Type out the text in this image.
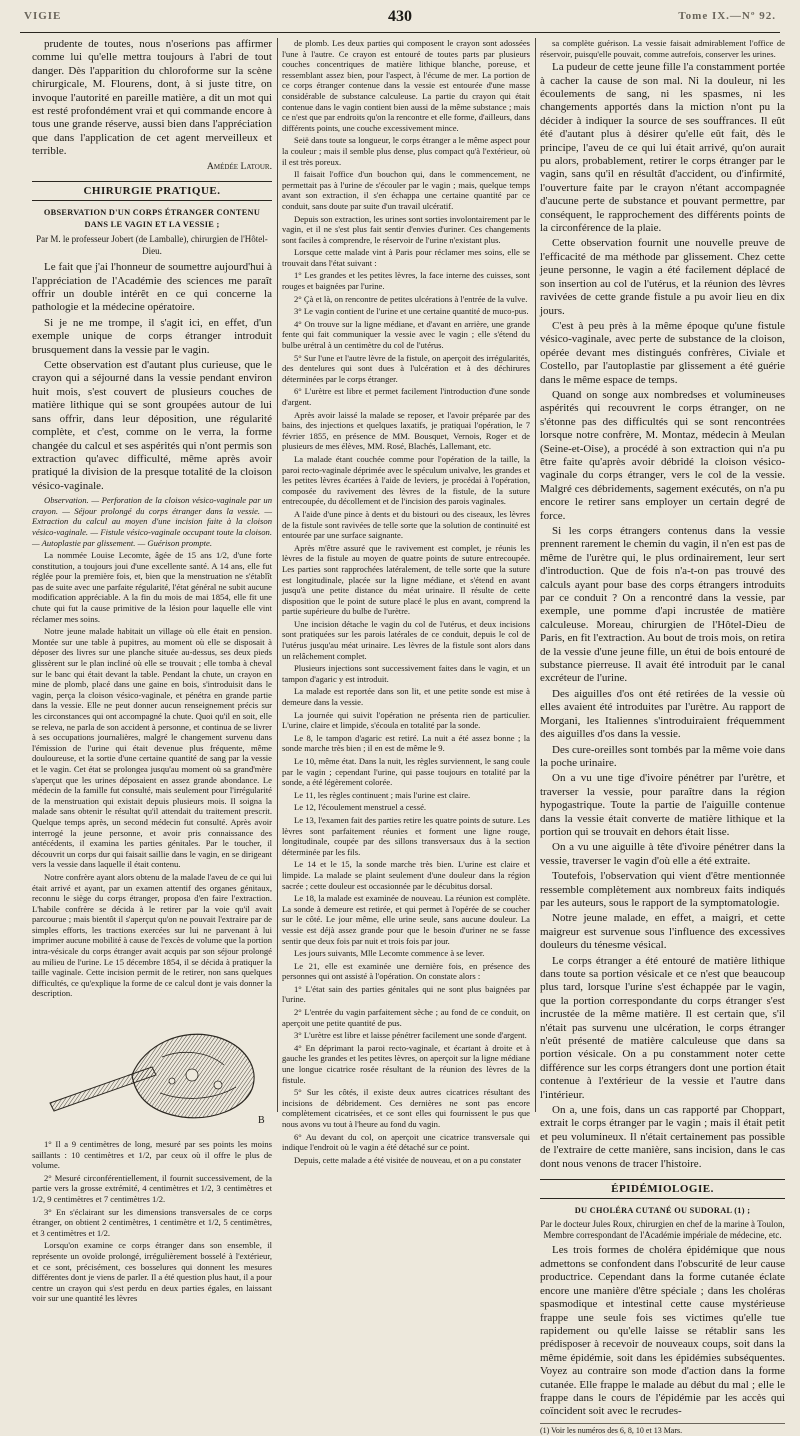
VIGIE	430	Tome IX.—Nº 92.

prudente de toutes, nous n'oserions pas affirmer comme lui qu'elle mettra toujours à l'abri de tout danger. Dès l'apparition du chloroforme sur la scène chirurgicale, M. Flourens, dont, à si juste titre, on invoque l'autorité en pareille matière, a dit un mot qui est resté profondément vrai et qui commande encore à tous une grande réserve, aussi bien dans l'appréciation que dans l'application de cet agent merveilleux et terrible.

Amédée Latour.

CHIRURGIE PRATIQUE.
OBSERVATION D'UN CORPS ÉTRANGER CONTENU DANS LE VAGIN ET LA VESSIE ;

Par M. le professeur Jobert (de Lamballe), chirurgien de l'Hôtel-Dieu.

Le fait que j'ai l'honneur de soumettre aujourd'hui à l'appréciation de l'Académie des sciences me paraît offrir un double intérêt en ce qui concerne la pathologie et la médecine opératoire.

Si je ne me trompe, il s'agit ici, en effet, d'un exemple unique de corps étranger introduit brusquement dans la vessie par le vagin.

Cette observation est d'autant plus curieuse, que le crayon qui a séjourné dans la vessie pendant environ huit mois, s'est couvert de plusieurs couches de matière lithique qui se sont groupées autour de lui sans offrir, dans leur déposition, une régularité complète, et c'est, comme on le verra, la forme changée du calcul et ses aspérités qui n'ont permis son extraction qu'avec difficulté, même après avoir pratiqué la division de la presque totalité de la cloison vésico-vaginale.

Observation. — Perforation de la cloison vésico-vaginale par un crayon. — Séjour prolongé du corps étranger dans la vessie. — Extraction du calcul au moyen d'une incision faite à la cloison vésico-vaginale. — Fistule vésico-vaginale occupant toute la cloison. — Autoplastie par glissement. — Guérison prompte.

La nommée Louise Lecomte, âgée de 15 ans 1/2, d'une forte constitution, a toujours joui d'une excellente santé. A 14 ans, elle fut réglée pour la première fois, et, bien que la menstruation ne s'établît pas de suite avec une parfaite régularité, l'état général ne subit aucune modification appréciable. A la fin du mois de mai 1854, elle fit une chute qui fut la cause primitive de la lésion pour laquelle elle vint réclamer mes soins.

Notre jeune malade habitait un village où elle était en pension. Montée sur une table à pupitres, au moment où elle se disposait à déposer des livres sur une planche située au-dessus, ses deux pieds glissèrent sur le plan incliné où elle se trouvait ; elle tomba à cheval sur le banc qui était devant la table. Pendant la chute, un crayon en mine de plomb, placé dans une gaine en bois, s'introduisit dans le vagin, perça la cloison vésico-vaginale, et pénétra en grande partie dans la vessie. Elle ne peut donner aucun renseignement précis sur les circonstances qui ont accompagné la chute. Quoi qu'il en soit, elle se releva, ne parla de son accident à personne, et continua de se livrer à ses occupations journalières, malgré le changement survenu dans l'émission de l'urine qui était devenue plus fréquente, même douloureuse, et la sortie d'une certaine quantité de sang par la vessie et le vagin. Cet état se prolongea jusqu'au moment où sa grand'mère s'aperçut que les urines déposaient en assez grande abondance. Le médecin de la famille fut consulté, mais seulement pour l'irrégularité de la menstruation qui existait depuis plusieurs mois. Il soigna la malade sans obtenir le résultat qu'il attendait du traitement prescrit. Quelque temps après, un second médecin fut consulté. Après avoir interrogé la jeune personne, et avoir pris connaissance des antécédents, il examina les parties génitales. Par le toucher, il découvrit un corps dur qui faisait saillie dans le vagin, en se dirigeant vers la vessie dans laquelle il était contenu.

Notre confrère ayant alors obtenu de la malade l'aveu de ce qui lui était arrivé et ayant, par un examen attentif des organes génitaux, reconnu le siège du corps étranger, proposa d'en faire l'extraction. L'habile confrère se décida à le retirer par la voie qu'il avait parcourue ; mais bientôt il s'aperçut qu'on ne pouvait l'extraire par de simples efforts, les tractions exercées sur lui ne parvenant à lui imprimer aucune mobilité à cause de l'excès de volume que la portion intra-vésicale du corps étranger avait acquis par son séjour prolongé au milieu de l'urine. Le 15 décembre 1854, il se décida à pratiquer la taille vaginale. Cette incision permit de le retirer, non sans quelques difficultés, ce qu'explique la forme de ce calcul dont je vais donner la description.

B

1° Il a 9 centimètres de long, mesuré par ses points les moins saillants : 10 centimètres et 1/2, par ceux où il offre le plus de volume.

2° Mesuré circonférentiellement, il fournit successivement, de la partie vers la grosse extrémité, 4 centimètres et 1/2, 3 centimètres et 1/2, 9 centimètres et 7 centimètres 1/2.

3° En s'éclairant sur les dimensions transversales de ce corps étranger, on obtient 2 centimètres, 1 centimètre et 1/2, 5 centimètres, et 3 centimètres et 1/2.

Lorsqu'on examine ce corps étranger dans son ensemble, il représente un ovoïde prolongé, irrégulièrement bosselé à l'extérieur, et ce sont, précisément, ces bosselures qui donnent les mesures différentes dont je viens de parler. Il a été question plus haut, il a pour centre un crayon qui s'est perdu en deux parties égales, en laissant voir sur une quantité les lèvres

de plomb. Les deux parties qui composent le crayon sont adossées l'une à l'autre. Ce crayon est entouré de toutes parts par plusieurs couches concentriques de matière lithique blanche, poreuse, et ressemblant assez bien, pour l'aspect, à l'écume de mer. La portion de ce corps étranger contenue dans la vessie est entourée d'une masse considérable de substance calculeuse. La partie du crayon qui était contenue dans le vagin contient bien aussi de la même substance ; mais ce n'est que par endroits qu'on la rencontre et elle forme, d'ailleurs, dans différents points, une couche excessivement mince.

Seië dans toute sa longueur, le corps étranger a le même aspect pour la couleur ; mais il semble plus dense, plus compact qu'à l'extérieur, où il est très poreux.

Il faisait l'office d'un bouchon qui, dans le commencement, ne permettait pas à l'urine de s'écouler par le vagin ; mais, quelque temps avant son extraction, il s'en échappa une certaine quantité par ce conduit, sans doute par suite d'un travail ulcératif.

Depuis son extraction, les urines sont sorties involontairement par le vagin, et il ne s'est plus fait sentir d'envies d'uriner. Ces changements sont faciles à comprendre, le réservoir de l'urine n'existant plus.

Lorsque cette malade vint à Paris pour réclamer mes soins, elle se trouvait dans l'état suivant :

1° Les grandes et les petites lèvres, la face interne des cuisses, sont rouges et baignées par l'urine.

2° Çà et là, on rencontre de petites ulcérations à l'entrée de la vulve.

3° Le vagin contient de l'urine et une certaine quantité de muco-pus.

4° On trouve sur la ligne médiane, et d'avant en arrière, une grande fente qui fait communiquer la vessie avec le vagin ; elle s'étend du bulbe urétral à un centimètre du col de l'utérus.

5° Sur l'une et l'autre lèvre de la fistule, on aperçoit des irrégularités, des dentelures qui sont dues à l'ulcération et à des déchirures déterminées par le corps étranger.

6° L'urètre est libre et permet facilement l'introduction d'une sonde d'argent.

Après avoir laissé la malade se reposer, et l'avoir préparée par des bains, des injections et quelques laxatifs, je pratiquai l'opération, le 7 février 1855, en présence de MM. Bousquet, Vernois, Roger et de plusieurs de mes élèves, MM. Rosé, Blachés, Lallemant, etc.

La malade étant couchée comme pour l'opération de la taille, la paroi recto-vaginale déprimée avec le spéculum univalve, les grandes et les petites lèvres écartées à l'aide de leviers, je procédai à l'opération, composée du ravivement des lèvres de la fistule, de la suture entrecoupée, du décollement et de l'incision des parois vaginales.

A l'aide d'une pince à dents et du bistouri ou des ciseaux, les lèvres de la fistule sont ravivées de telle sorte que la solution de continuité est entourée par une surface saignante.

Après m'être assuré que le ravivement est complet, je réunis les lèvres de la fistule au moyen de quatre points de suture entrecoupée. Les parties sont rapprochées latéralement, de telle sorte que la suture est longitudinale, placée sur la ligne médiane, et s'étend en avant jusqu'à une petite distance du méat urinaire. Il résulte de cette disposition que le point de suture placé le plus en avant, comprend la partie supérieure du bulbe de l'urètre.

Une incision détache le vagin du col de l'utérus, et deux incisions sont pratiquées sur les parois latérales de ce conduit, depuis le col de l'utérus jusqu'au méat urinaire. Les lèvres de la fistule sont alors dans un relâchement complet.

Plusieurs injections sont successivement faites dans le vagin, et un tampon d'agaric y est introduit.

La malade est reportée dans son lit, et une petite sonde est mise à demeure dans la vessie.

La journée qui suivit l'opération ne présenta rien de particulier. L'urine, claire et limpide, s'écoula en totalité par la sonde.

Le 8, le tampon d'agaric est retiré. La nuit a été assez bonne ; la sonde marche très bien ; il en est de même le 9.

Le 10, même état. Dans la nuit, les règles surviennent, le sang coule par le vagin ; cependant l'urine, qui passe toujours en totalité par la sonde, a été légèrement colorée.

Le 11, les règles continuent ; mais l'urine est claire.

Le 12, l'écoulement menstruel a cessé.

Le 13, l'examen fait des parties retire les quatre points de suture. Les lèvres sont parfaitement réunies et forment une ligne rouge, longitudinale, coupée par des sillons transversaux dus à la section déterminée par les fils.

Le 14 et le 15, la sonde marche très bien. L'urine est claire et limpide. La malade se plaint seulement d'une douleur dans la région sacrée ; cette douleur est occasionnée par le décubitus dorsal.

Le 18, la malade est examinée de nouveau. La réunion est complète. La sonde à demeure est retirée, et qui permet à l'opérée de se coucher sur le côté. Le jour même, elle urine seule, sans aucune douleur. La vessie est déjà assez grande pour que le besoin d'uriner ne se fasse sentir que deux fois par nuit et trois fois par jour.

Les jours suivants, Mlle Lecomte commence à se lever.

Le 21, elle est examinée une dernière fois, en présence des personnes qui ont assisté à l'opération. On constate alors :

1° L'état sain des parties génitales qui ne sont plus baignées par l'urine.

2° L'entrée du vagin parfaitement sèche ; au fond de ce conduit, on aperçoit une petite quantité de pus.

3° L'urètre est libre et laisse pénétrer facilement une sonde d'argent.

4° En déprimant la paroi recto-vaginale, et écartant à droite et à gauche les grandes et les petites lèvres, on aperçoit sur la ligne médiane une longue cicatrice rosée résultant de la réunion des lèvres de la fistule.

5° Sur les côtés, il existe deux autres cicatrices résultant des incisions de débridement. Ces dernières ne sont pas encore complètement cicatrisées, et ce sont elles qui fournissent le pus que nous avons vu tout à l'heure au fond du vagin.

6° Au devant du col, on aperçoit une cicatrice transversale qui indique l'endroit où le vagin a été détaché sur ce point.

Depuis, cette malade a été visitée de nouveau, et on a pu constater

sa complète guérison. La vessie faisait admirablement l'office de réservoir, puisqu'elle pouvait, comme autrefois, conserver les urines.

La pudeur de cette jeune fille l'a constamment portée à cacher la cause de son mal. Ni la douleur, ni les écoulements de sang, ni les spasmes, ni les changements apportés dans la miction n'ont pu la décider à indiquer la source de ses souffrances. Il eût été d'autant plus à désirer qu'elle eût fait, dès le principe, l'aveu de ce qui lui était arrivé, qu'on aurait pu alors, probablement, retirer le corps étranger par le vagin, sans qu'il en résultât d'accident, ou d'infirmité, l'ouverture faite par le crayon n'étant accompagnée d'aucune perte de substance et pouvant permettre, par conséquent, le rapprochement des différents points de la circonférence de la plaie.

Cette observation fournit une nouvelle preuve de l'efficacité de ma méthode par glissement. Chez cette jeune personne, le vagin a été facilement déplacé de son insertion au col de l'utérus, et la réunion des lèvres ravivées de cette grande fistule a pu avoir lieu en dix jours.

C'est à peu près à la même époque qu'une fistule vésico-vaginale, avec perte de substance de la cloison, opérée devant mes distingués confrères, Civiale et Costello, par l'autoplastie par glissement a été guérie dans le même espace de temps.

Quand on songe aux nombredses et volumineuses aspérités qui recouvrent le corps étranger, on ne s'étonne pas des difficultés qui se sont rencontrées lorsque notre confrère, M. Montaz, médecin à Meulan (Seine-et-Oise), a procédé à son extraction qui n'a pu être faite qu'après avoir débridé la cloison vésico-vaginale du corps étranger, vers le col de la vessie. Malgré ces débridements, sagement exécutés, on n'a pu encore le retirer sans employer un certain degré de force.

Si les corps étrangers contenus dans la vessie prennent rarement le chemin du vagin, il n'en est pas de même de l'urètre qui, le plus ordinairement, leur sert d'introduction. Que de fois n'a-t-on pas trouvé des calculs ayant pour base des corps étrangers introduits par ce conduit ? On a rencontré dans la vessie, par exemple, une pomme d'api incrustée de matière calculeuse. Moreau, chirurgien de l'Hôtel-Dieu de Paris, en fit l'extraction. Au bout de trois mois, on retira de la vessie d'une jeune fille, un étui de bois entouré de substance pierreuse. Il avait été introduit par le canal excréteur de l'urine.

Des aiguilles d'os ont été retirées de la vessie où elles avaient été introduites par l'urètre. Au rapport de Morgani, les Italiennes s'introduiraient fréquemment des aiguilles d'os dans la vessie.

Des cure-oreilles sont tombés par la même voie dans la poche urinaire.

On a vu une tige d'ivoire pénétrer par l'urètre, et traverser la vessie, pour paraître dans la région hypogastrique. Toute la partie de l'aiguille contenue dans la vessie était converte de matière lithique et la portion qui se trouvait en dehors était lisse.

On a vu une aiguille à tête d'ivoire pénétrer dans la vessie, traverser le vagin d'où elle a été extraite.

Toutefois, l'observation qui vient d'être mentionnée ressemble complètement aux nombreux faits indiqués par les auteurs, sous le rapport de la symptomatologie.

Notre jeune malade, en effet, a maigri, et cette maigreur est survenue sous l'influence des excessives douleurs du ténesme vésical.

Le corps étranger a été entouré de matière lithique dans toute sa portion vésicale et ce n'est que beaucoup plus tard, lorsque l'urine s'est échappée par le vagin, que la portion correspondante du corps étranger s'est incrustée de la même matière. Il est certain que, s'il n'était pas survenu une ulcération, le corps étranger n'eût présenté de matière calculeuse que dans sa portion vésicale. On a pu constamment noter cette différence sur les corps étrangers dont une portion était contenue à l'extérieur de la vessie et l'autre dans l'intérieur.

On a, une fois, dans un cas rapporté par Choppart, extrait le corps étranger par le vagin ; mais il était petit et peu volumineux. Il n'était certainement pas possible de l'extraire de cette manière, sans incision, dans le cas dont nous venons de tracer l'histoire.

ÉPIDÉMIOLOGIE.
DU CHOLÉRA CUTANÉ OU SUDORAL (1) ;

Par le docteur Jules Roux, chirurgien en chef de la marine à Toulon, Membre correspondant de l'Académie impériale de médecine, etc.

Les trois formes de choléra épidémique que nous admettons se confondent dans l'obscurité de leur cause productrice. Cependant dans la forme cutanée éclate encore une manière d'être spéciale ; dans les choléras spasmodique et intestinal cette cause mystérieuse frappe une seule fois ses victimes qu'elle tue rapidement ou qu'elle laisse se rétablir sans les prédisposer à recevoir de nouveaux coups, soit dans la même épidémie, soit dans les épidémies subséquentes. Voyez au contraire son mode d'action dans la forme cutanée. Elle frappe le malade au début du mal ; elle le frappe dans le cours de l'épidémie par les accès qui coïncident soit avec le recrudes-

(1) Voir les numéros des 6, 8, 10 et 13 Mars.
